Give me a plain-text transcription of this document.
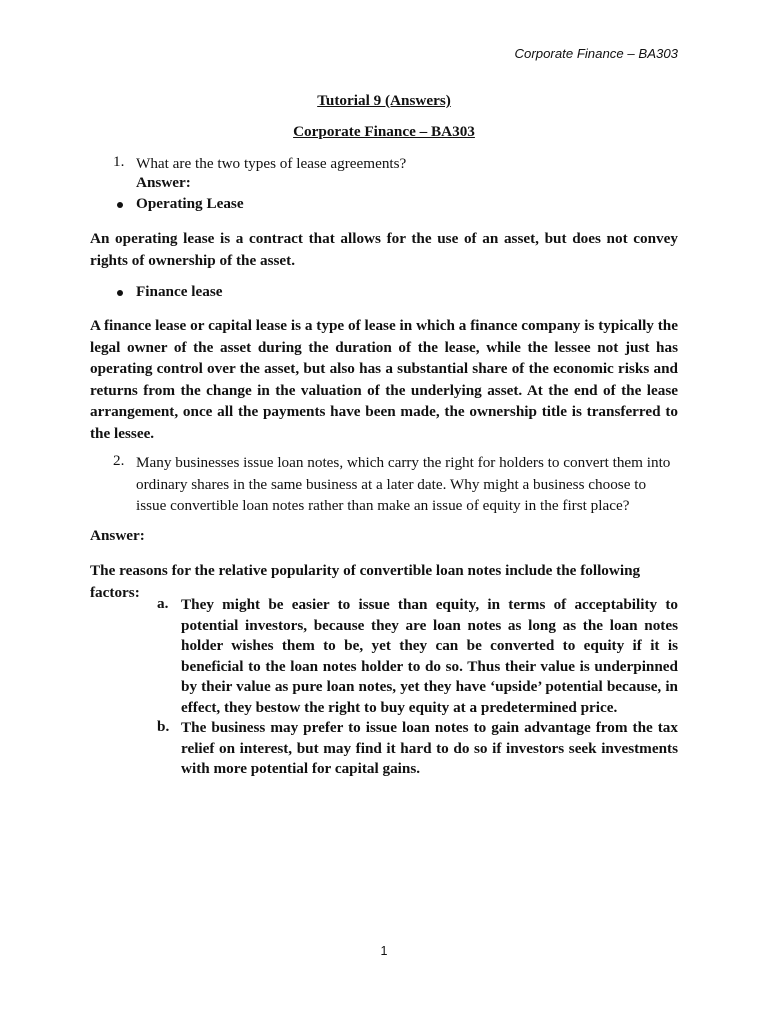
Corporate Finance – BA303
Tutorial 9 (Answers)
Corporate Finance – BA303
1. What are the two types of lease agreements?
Answer:
Operating Lease
An operating lease is a contract that allows for the use of an asset, but does not convey rights of ownership of the asset.
Finance lease
A finance lease or capital lease is a type of lease in which a finance company is typically the legal owner of the asset during the duration of the lease, while the lessee not just has operating control over the asset, but also has a substantial share of the economic risks and returns from the change in the valuation of the underlying asset. At the end of the lease arrangement, once all the payments have been made, the ownership title is transferred to the lessee.
2. Many businesses issue loan notes, which carry the right for holders to convert them into ordinary shares in the same business at a later date. Why might a business choose to issue convertible loan notes rather than make an issue of equity in the first place?
Answer:
The reasons for the relative popularity of convertible loan notes include the following factors:
a. They might be easier to issue than equity, in terms of acceptability to potential investors, because they are loan notes as long as the loan notes holder wishes them to be, yet they can be converted to equity if it is beneficial to the loan notes holder to do so. Thus their value is underpinned by their value as pure loan notes, yet they have ‘upside’ potential because, in effect, they bestow the right to buy equity at a predetermined price.
b. The business may prefer to issue loan notes to gain advantage from the tax relief on interest, but may find it hard to do so if investors seek investments with more potential for capital gains.
1
